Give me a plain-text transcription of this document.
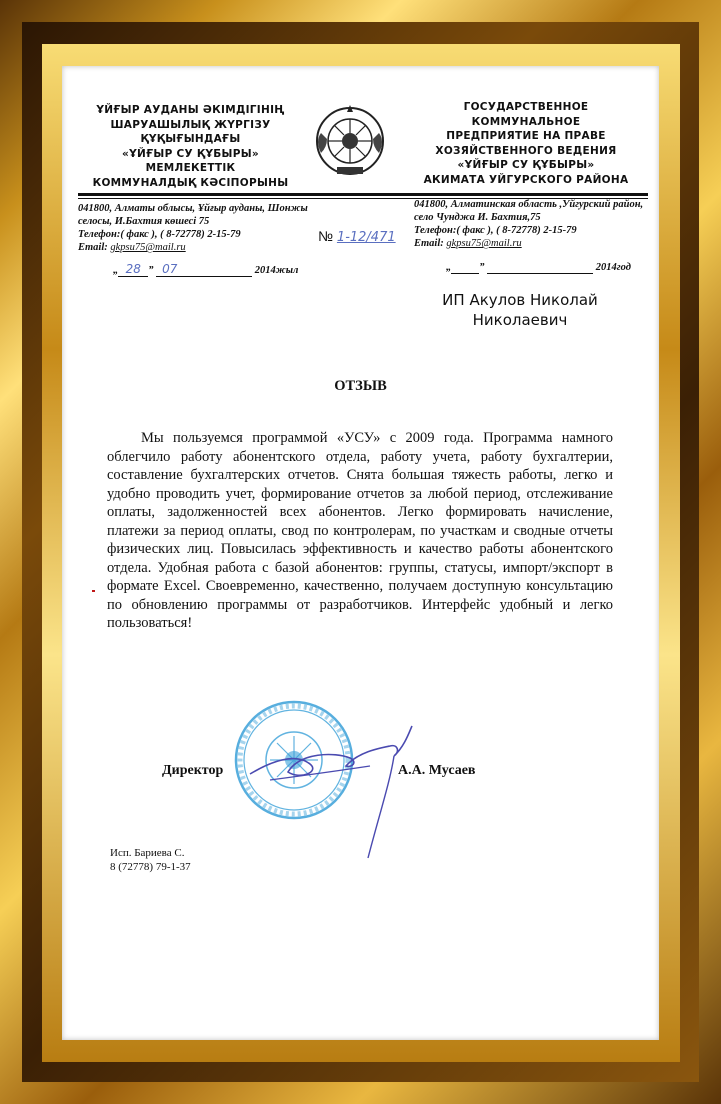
ҰЙҒЫР АУДАНЫ ӘКІМДІГІНІҢ
ШАРУАШЫЛЫҚ ЖҮРГІЗУ
ҚҰҚЫҒЫНДАҒЫ
«ҰЙҒЫР СУ ҚҰБЫРЫ»
МЕМЛЕКЕТТІК
КОММУНАЛДЫҚ КӘСІПОРЫНЫ
ГОСУДАРСТВЕННОЕ КОММУНАЛЬНОЕ
ПРЕДПРИЯТИЕ НА ПРАВЕ
ХОЗЯЙСТВЕННОГО ВЕДЕНИЯ
«ҰЙҒЫР СУ ҚҰБЫРЫ»
АКИМАТА УЙГУРСКОГО РАЙОНА
041800, Алматы облысы, Ұйғыр ауданы, Шонжы селосы, И.Бахтия көшесі 75
Телефон:( факс ), ( 8-72778) 2-15-79
Email: gkpsu75@mail.ru
№ 1-12/471
041800, Алматинская область ,Уйгурский район, село Чунджа И. Бахтия,75
Телефон:( факс ), ( 8-72778) 2-15-79
Email: gkpsu75@mail.ru
„ 28 ” 07	2014жыл	„	”	2014год
ИП Акулов Николай
Николаевич
ОТЗЫВ
Мы пользуемся программой «УСУ» с 2009 года. Программа намного облегчило работу абонентского отдела, работу учета, работу бухгалтерии, составление бухгалтерских отчетов. Снята большая тяжесть работы, легко и удобно проводить учет, формирование отчетов за любой период, отслеживание оплаты, задолженностей всех абонентов. Легко формировать начисление, платежи за период оплаты, свод по контролерам, по участкам и сводные отчеты физических лиц. Повысилась эффективность и качество работы абонентского отдела. Удобная работа с базой абонентов: группы, статусы, импорт/экспорт в формате Excel. Своевременно, качественно, получаем доступную консультацию по обновлению программы от разработчиков. Интерфейс удобный и легко пользоваться!
Директор	А.А. Мусаев
Исп. Бариева С.
8 (72778) 79-1-37
